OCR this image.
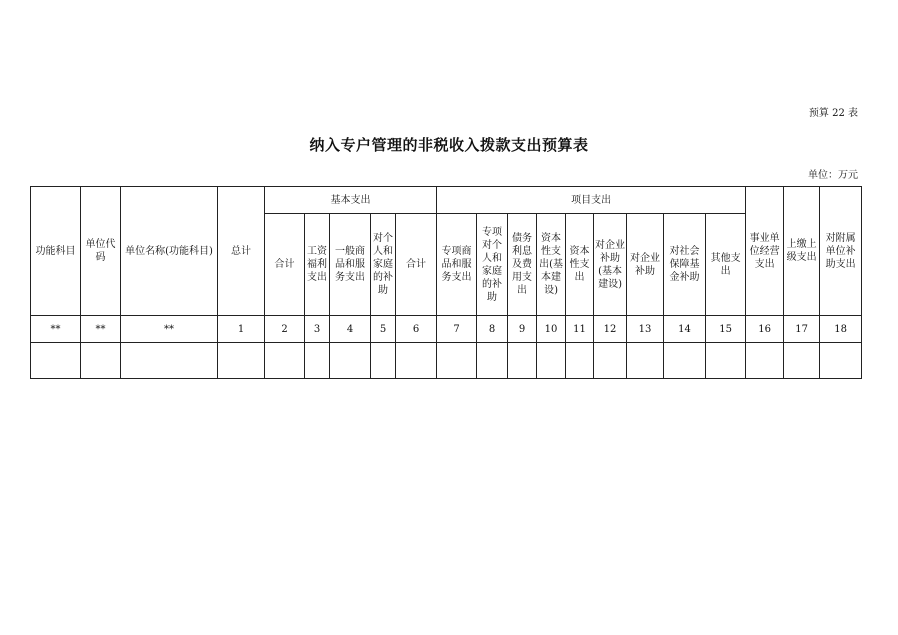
预算 22 表
纳入专户管理的非税收入拨款支出预算表
单位：万元
功能科目	单位代码	单位名称(功能科目)	总计	基本支出					项目支出									事业单位经营支出	上缴上级支出	对附属单位补助支出
				合计	工资福利支出	一般商品和服务支出	对个人和家庭的补助	合计	专项商品和服务支出	专项对个人和家庭的补助	债务利息及费用支出	资本性支出(基本建设)	资本性支出	对企业补助(基本建设)	对企业补助	对社会保障基金补助	其他支出			
**	**	**	1	2	3	4	5	6	7	8	9	10	11	12	13	14	15	16	17	18
